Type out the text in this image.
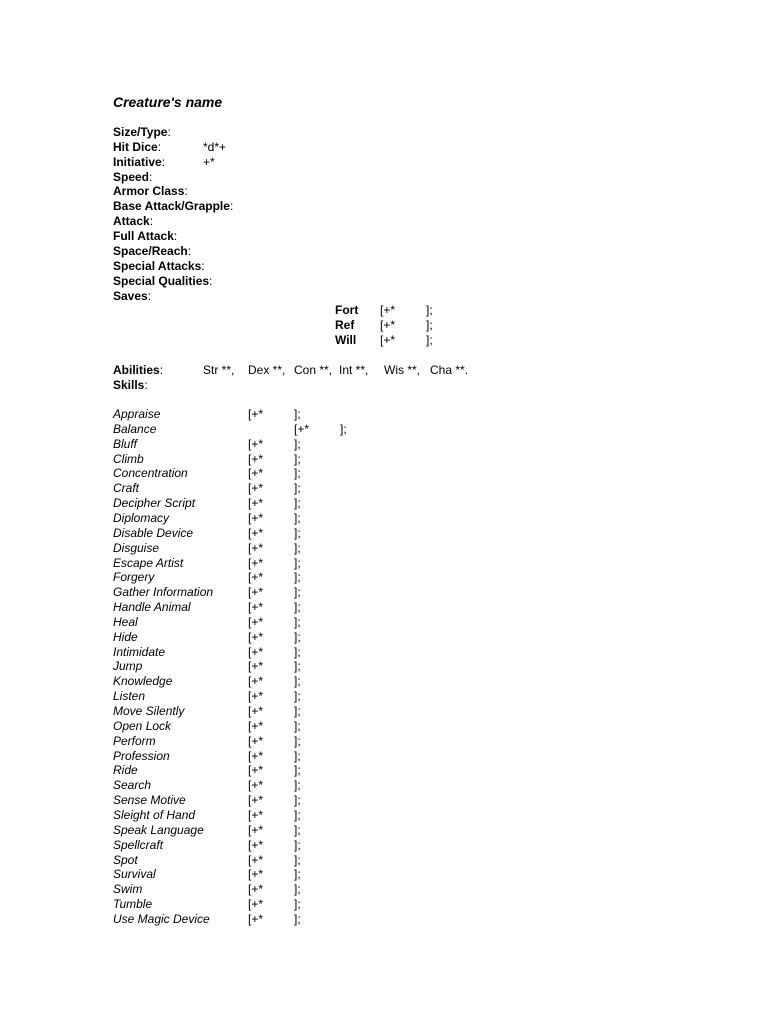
Creature's name
Size/Type:
Hit Dice:	*d*+
Initiative:	+*
Speed:
Armor Class:
Base Attack/Grapple:
Attack:
Full Attack:
Space/Reach:
Special Attacks:
Special Qualities:
Saves:
Fort [+*	];
Ref [+*	];
Will [+*	];
Abilities:	Str **, Dex **, Con **, Int **, Wis **, Cha **.
Skills:
Appraise	[+*	];
Balance	[+*	];
Bluff	[+*	];
Climb	[+*	];
Concentration	[+*	];
Craft	[+*	];
Decipher Script	[+*	];
Diplomacy	[+*	];
Disable Device	[+*	];
Disguise	[+*	];
Escape Artist	[+*	];
Forgery	[+*	];
Gather Information	[+*	];
Handle Animal	[+*	];
Heal	[+*	];
Hide	[+*	];
Intimidate	[+*	];
Jump	[+*	];
Knowledge	[+*	];
Listen	[+*	];
Move Silently	[+*	];
Open Lock	[+*	];
Perform	[+*	];
Profession	[+*	];
Ride	[+*	];
Search	[+*	];
Sense Motive	[+*	];
Sleight of Hand	[+*	];
Speak Language	[+*	];
Spellcraft	[+*	];
Spot	[+*	];
Survival	[+*	];
Swim	[+*	];
Tumble	[+*	];
Use Magic Device	[+*	];
